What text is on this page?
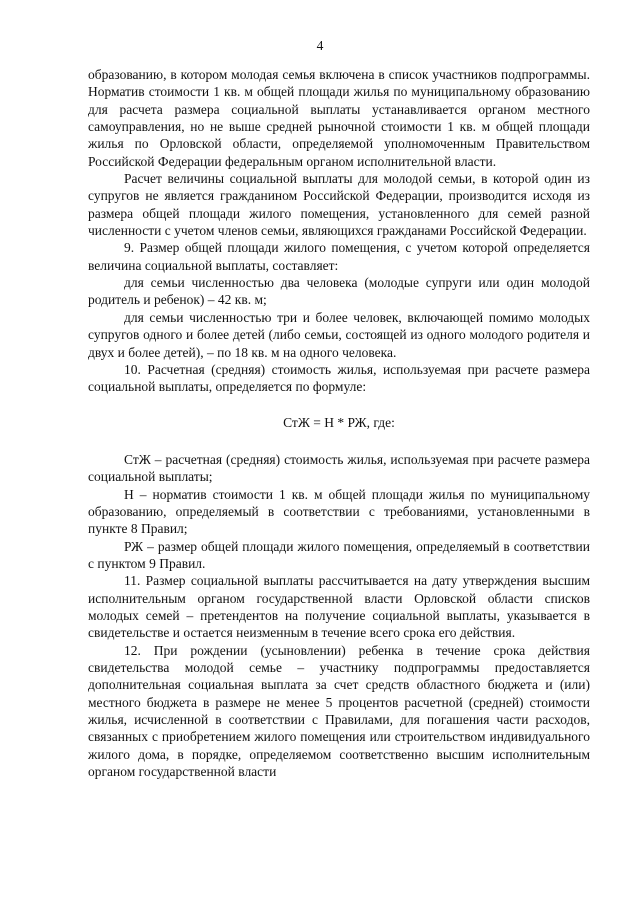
4

образованию, в котором молодая семья включена в список участников подпрограммы. Норматив стоимости 1 кв. м общей площади жилья по муниципальному образованию для расчета размера социальной выплаты устанавливается органом местного самоуправления, но не выше средней рыночной стоимости 1 кв. м общей площади жилья по Орловской области, определяемой уполномоченным Правительством Российской Федерации федеральным органом исполнительной власти.

Расчет величины социальной выплаты для молодой семьи, в которой один из супругов не является гражданином Российской Федерации, производится исходя из размера общей площади жилого помещения, установленного для семей разной численности с учетом членов семьи, являющихся гражданами Российской Федерации.

9. Размер общей площади жилого помещения, с учетом которой определяется величина социальной выплаты, составляет:

для семьи численностью два человека (молодые супруги или один молодой родитель и ребенок) – 42 кв. м;

для семьи численностью три и более человек, включающей помимо молодых супругов одного и более детей (либо семьи, состоящей из одного молодого родителя и двух и более детей), – по 18 кв. м на одного человека.

10. Расчетная (средняя) стоимость жилья, используемая при расчете размера социальной выплаты, определяется по формуле:

СтЖ = Н * РЖ, где:

СтЖ – расчетная (средняя) стоимость жилья, используемая при расчете размера социальной выплаты;

Н – норматив стоимости 1 кв. м общей площади жилья по муниципальному образованию, определяемый в соответствии с требованиями, установленными в пункте 8 Правил;

РЖ – размер общей площади жилого помещения, определяемый в соответствии с пунктом 9 Правил.

11. Размер социальной выплаты рассчитывается на дату утверждения высшим исполнительным органом государственной власти Орловской области списков молодых семей – претендентов на получение социальной выплаты, указывается в свидетельстве и остается неизменным в течение всего срока его действия.

12. При рождении (усыновлении) ребенка в течение срока действия свидетельства молодой семье – участнику подпрограммы предоставляется дополнительная социальная выплата за счет средств областного бюджета и (или) местного бюджета в размере не менее 5 процентов расчетной (средней) стоимости жилья, исчисленной в соответствии с Правилами, для погашения части расходов, связанных с приобретением жилого помещения или строительством индивидуального жилого дома, в порядке, определяемом соответственно высшим исполнительным органом государственной власти
